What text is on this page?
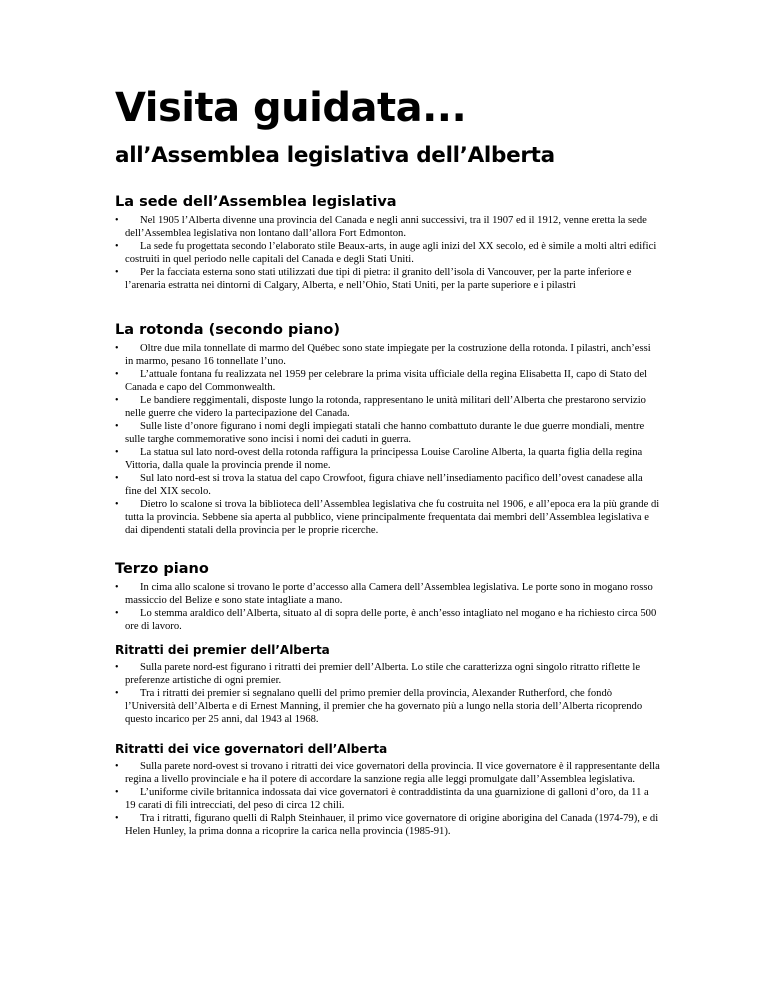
Visita guidata...
all’Assemblea legislativa dell’Alberta
La sede dell’Assemblea legislativa
•	Nel 1905 l’Alberta divenne una provincia del Canada e negli anni successivi, tra il 1907 ed il 1912, venne eretta la sede dell’Assemblea legislativa non lontano dall’allora Fort Edmonton.
•	La sede fu progettata secondo l’elaborato stile Beaux-arts, in auge agli inizi del XX secolo, ed è simile a molti altri edifici costruiti in quel periodo nelle capitali del Canada e degli Stati Uniti.
•	Per la facciata esterna sono stati utilizzati due tipi di pietra: il granito dell’isola di Vancouver, per la parte inferiore e l’arenaria estratta nei dintorni di Calgary, Alberta, e nell’Ohio, Stati Uniti, per la parte superiore e i pilastri
La rotonda (secondo piano)
•	Oltre due mila tonnellate di marmo del Québec sono state impiegate per la costruzione della rotonda. I pilastri, anch’essi in marmo, pesano 16 tonnellate l’uno.
•	L’attuale fontana fu realizzata nel 1959 per celebrare la prima visita ufficiale della regina Elisabetta II, capo di Stato del Canada e capo del Commonwealth.
•	Le bandiere reggimentali, disposte lungo la rotonda, rappresentano le unità militari dell’Alberta che prestarono servizio nelle guerre che videro la partecipazione del Canada.
•	Sulle liste d’onore figurano i nomi degli impiegati statali che hanno combattuto durante le due guerre mondiali, mentre sulle targhe commemorative sono incisi i nomi dei caduti in guerra.
•	La statua sul lato nord-ovest della rotonda raffigura la principessa Louise Caroline Alberta, la quarta figlia della regina Vittoria, dalla quale la provincia prende il nome.
•	Sul lato nord-est si trova la statua del capo Crowfoot, figura chiave nell’insediamento pacifico dell’ovest canadese alla fine del XIX secolo.
•	Dietro lo scalone si trova la biblioteca dell’Assemblea legislativa che fu costruita nel 1906, e all’epoca era la più grande di tutta la provincia. Sebbene sia aperta al pubblico, viene principalmente frequentata dai membri dell’Assemblea legislativa e dai dipendenti statali della provincia per le proprie ricerche.
Terzo piano
•	In cima allo scalone si trovano le porte d’accesso alla Camera dell’Assemblea legislativa. Le porte sono in mogano rosso massiccio del Belize e sono state intagliate a mano.
•	Lo stemma araldico dell’Alberta, situato al di sopra delle porte, è anch’esso intagliato nel mogano e ha richiesto circa 500 ore di lavoro.
Ritratti dei premier dell’Alberta
•	Sulla parete nord-est figurano i ritratti dei premier dell’Alberta. Lo stile che caratterizza ogni singolo ritratto riflette le preferenze artistiche di ogni premier.
•	Tra i ritratti dei premier si segnalano quelli del primo premier della provincia, Alexander Rutherford, che fondò l’Università dell’Alberta e di Ernest Manning, il premier che ha governato più a lungo nella storia dell’Alberta ricoprendo questo incarico per 25 anni, dal 1943 al 1968.
Ritratti dei vice governatori dell’Alberta
•	Sulla parete nord-ovest si trovano i ritratti dei vice governatori della provincia. Il vice governatore è il rappresentante della regina a livello provinciale e ha il potere di accordare la sanzione regia alle leggi promulgate dall’Assemblea legislativa.
•	L’uniforme civile britannica indossata dai vice governatori è contraddistinta da una guarnizione di galloni d’oro, da 11 a 19 carati di fili intrecciati, del peso di circa 12 chili.
•	Tra i ritratti, figurano quelli di Ralph Steinhauer, il primo vice governatore di origine aborigina del Canada (1974-79), e di Helen Hunley, la prima donna a ricoprire la carica nella provincia (1985-91).
